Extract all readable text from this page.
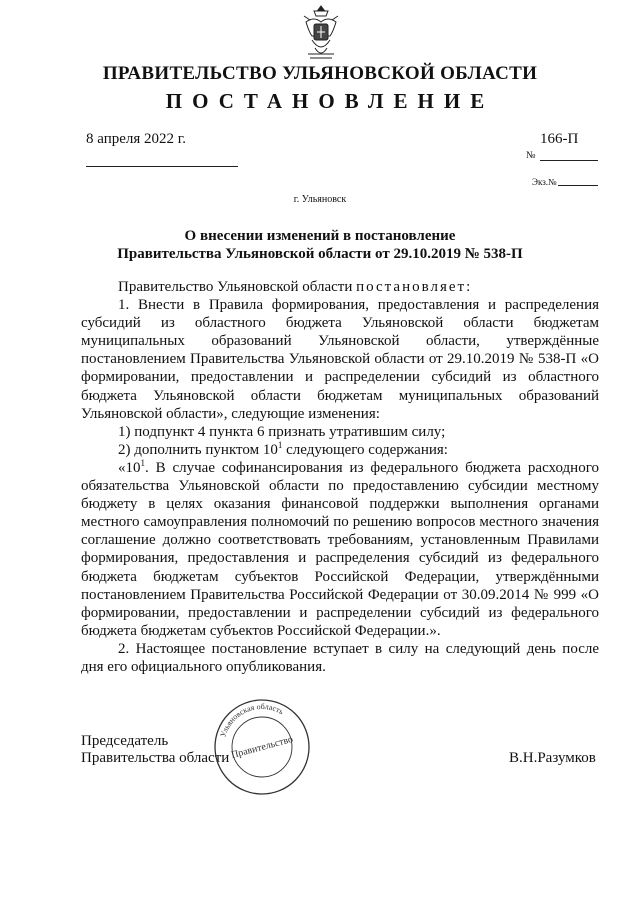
ПРАВИТЕЛЬСТВО УЛЬЯНОВСКОЙ ОБЛАСТИ
ПОСТАНОВЛЕНИЕ
8 апреля 2022 г.	166-П
№
Экз.№
г. Ульяновск
О внесении изменений в постановление
Правительства Ульяновской области от 29.10.2019 № 538-П

Правительство Ульяновской области постановляет:

1. Внести в Правила формирования, предоставления и распределения субсидий из областного бюджета Ульяновской области бюджетам муниципальных образований Ульяновской области, утверждённые постановлением Правительства Ульяновской области от 29.10.2019 № 538-П «О формировании, предоставлении и распределении субсидий из областного бюджета Ульяновской области бюджетам муниципальных образований Ульяновской области», следующие изменения:

1) подпункт 4 пункта 6 признать утратившим силу;

2) дополнить пунктом $10^1$ следующего содержания:

«$10^1$. В случае софинансирования из федерального бюджета расходного обязательства Ульяновской области по предоставлению субсидии местному бюджету в целях оказания финансовой поддержки выполнения органами местного самоуправления полномочий по решению вопросов местного значения соглашение должно соответствовать требованиям, установленным Правилами формирования, предоставления и распределения субсидий из федерального бюджета бюджетам субъектов Российской Федерации, утверждёнными постановлением Правительства Российской Федерации от 30.09.2014 № 999 «О формировании, предоставлении и распределении субсидий из федерального бюджета бюджетам субъектов Российской Федерации.».

2. Настоящее постановление вступает в силу на следующий день после дня его официального опубликования.

Председатель
Правительства области	В.Н.Разумков
Ульяновская область
Правительство
